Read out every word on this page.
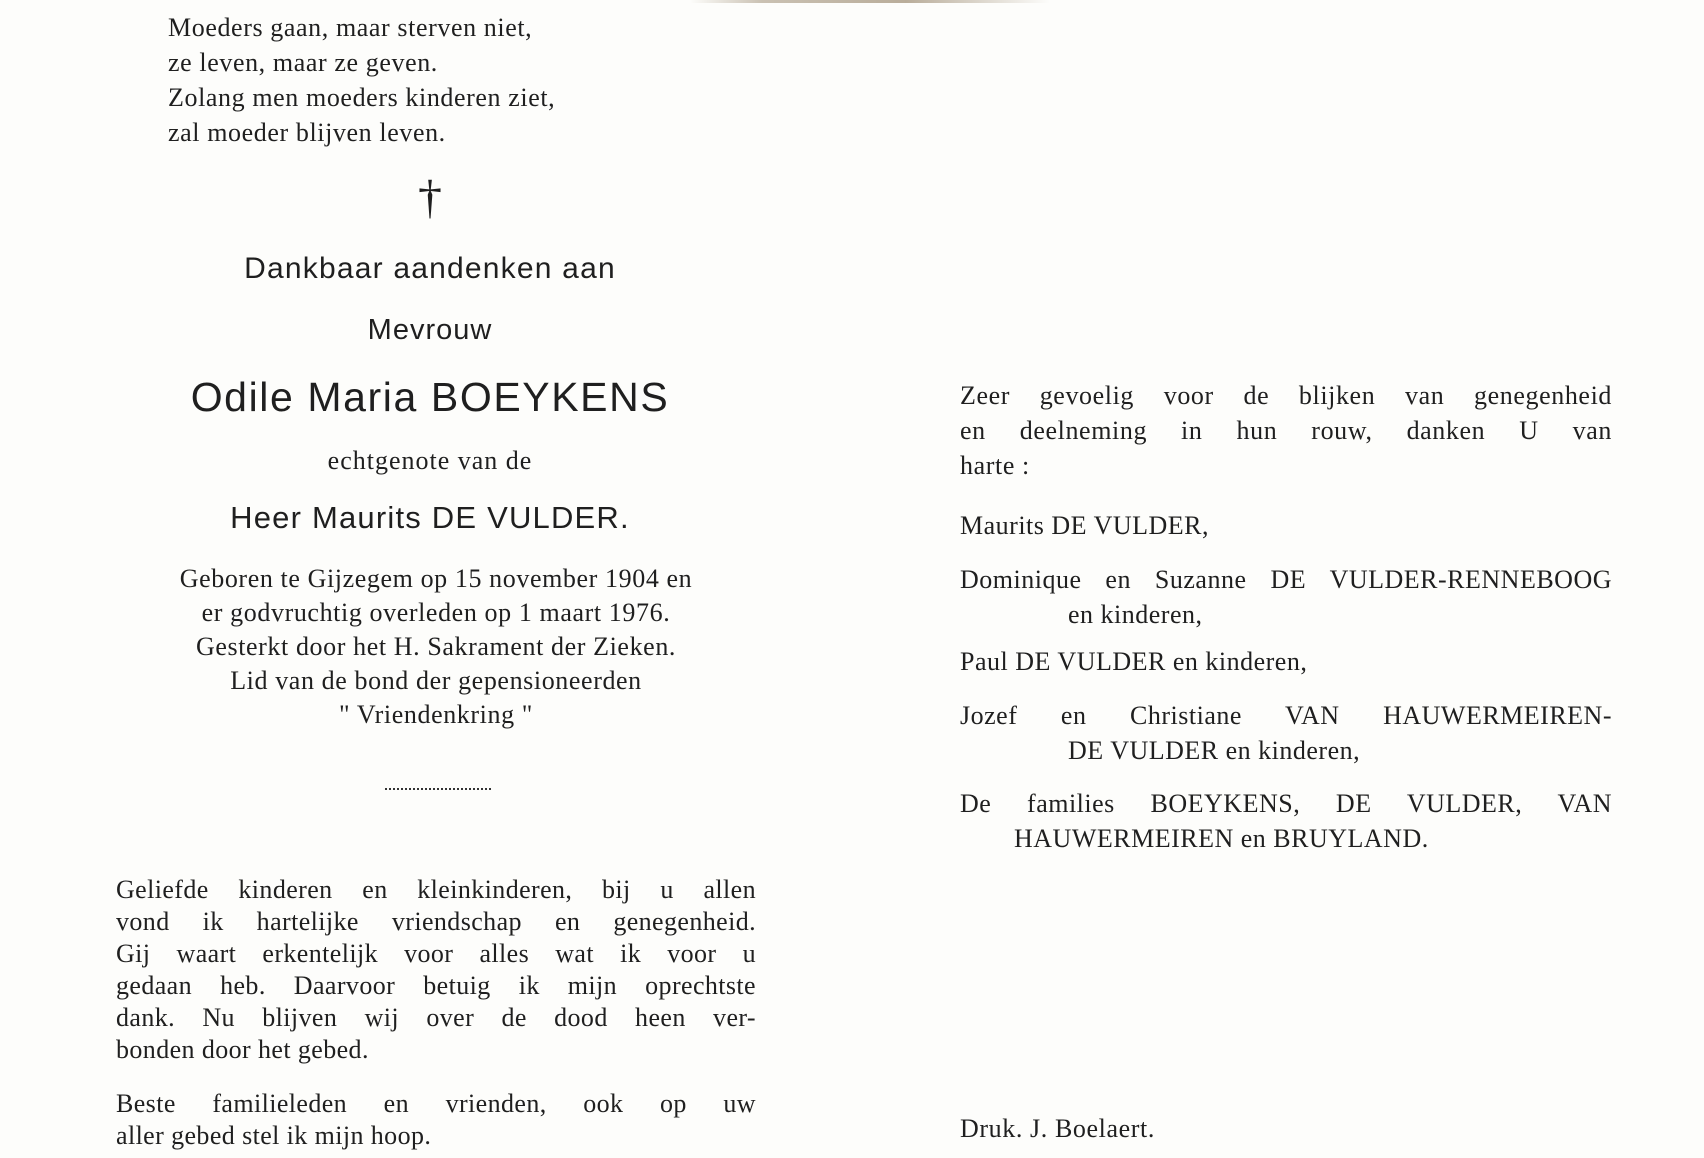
Moeders gaan, maar sterven niet,
ze leven, maar ze geven.
Zolang men moeders kinderen ziet,
zal moeder blijven leven.
†
Dankbaar aandenken aan
Mevrouw
Odile Maria BOEYKENS
echtgenote van de
Heer Maurits DE VULDER.
Geboren te Gijzegem op 15 november 1904 en
er godvruchtig overleden op 1 maart 1976.
Gesterkt door het H. Sakrament der Zieken.
Lid van de bond der gepensioneerden
" Vriendenkring "
Geliefde kinderen en kleinkinderen, bij u allen
vond ik hartelijke vriendschap en genegenheid.
Gij waart erkentelijk voor alles wat ik voor u
gedaan heb. Daarvoor betuig ik mijn oprechtste
dank. Nu blijven wij over de dood heen ver-
bonden door het gebed.
Beste familieleden en vrienden, ook op uw
aller gebed stel ik mijn hoop.
Zeer gevoelig voor de blijken van genegenheid
en deelneming in hun rouw, danken U van
harte :
Maurits DE VULDER,
Dominique en Suzanne DE VULDER-RENNEBOOG
en kinderen,
Paul DE VULDER en kinderen,
Jozef en Christiane VAN HAUWERMEIREN-
DE VULDER en kinderen,
De families BOEYKENS, DE VULDER, VAN
HAUWERMEIREN en BRUYLAND.
Druk. J. Boelaert.
